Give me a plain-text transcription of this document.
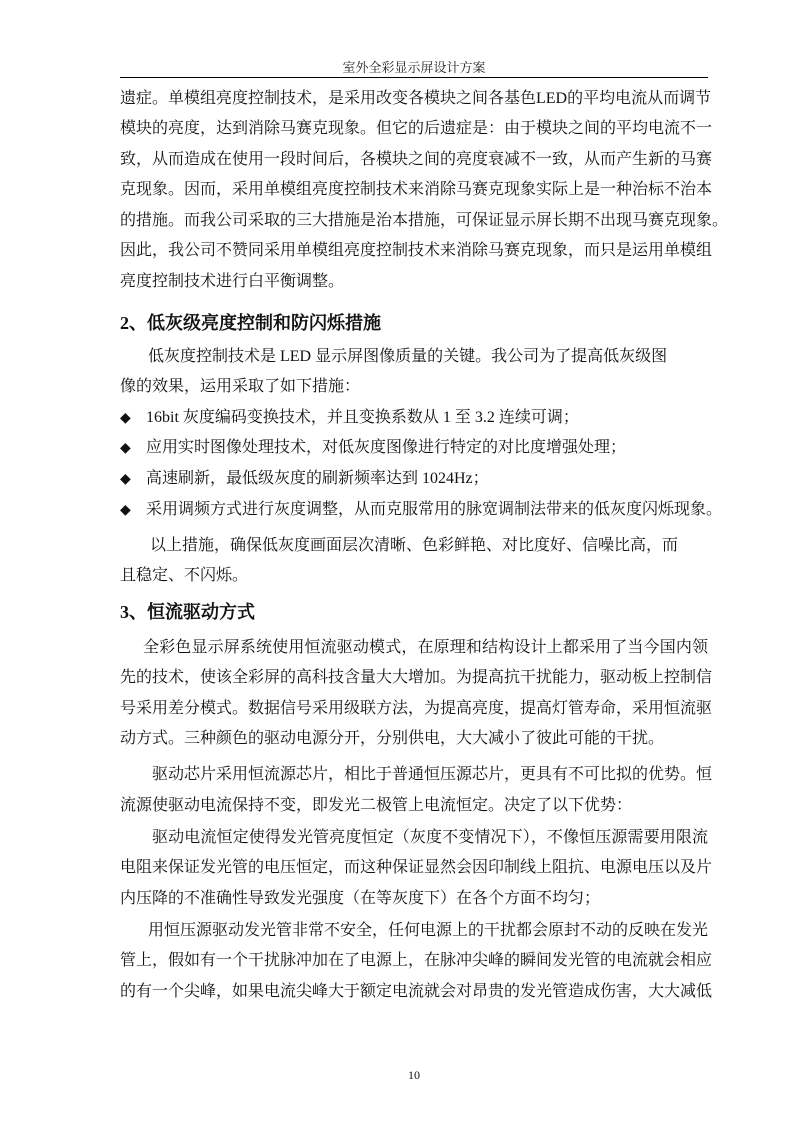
室外全彩显示屏设计方案
遗症。单模组亮度控制技术，是采用改变各模块之间各基色LED的平均电流从而调节
模块的亮度，达到消除马赛克现象。但它的后遗症是：由于模块之间的平均电流不一
致，从而造成在使用一段时间后，各模块之间的亮度衰减不一致，从而产生新的马赛
克现象。因而，采用单模组亮度控制技术来消除马赛克现象实际上是一种治标不治本
的措施。而我公司采取的三大措施是治本措施，可保证显示屏长期不出现马赛克现象。
因此，我公司不赞同采用单模组亮度控制技术来消除马赛克现象，而只是运用单模组
亮度控制技术进行白平衡调整。
低灰度控制技术是 LED 显示屏图像质量的关键。我公司为了提高低灰级图
像的效果，运用采取了如下措施：
以上措施，确保低灰度画面层次清晰、色彩鲜艳、对比度好、信噪比高，而
且稳定、不闪烁。
全彩色显示屏系统使用恒流驱动模式，在原理和结构设计上都采用了当今国内领
先的技术，使该全彩屏的高科技含量大大增加。为提高抗干扰能力，驱动板上控制信
号采用差分模式。数据信号采用级联方法，为提高亮度，提高灯管寿命，采用恒流驱
动方式。三种颜色的驱动电源分开，分别供电，大大减小了彼此可能的干扰。
驱动芯片采用恒流源芯片，相比于普通恒压源芯片，更具有不可比拟的优势。恒
流源使驱动电流保持不变，即发光二极管上电流恒定。决定了以下优势：
驱动电流恒定使得发光管亮度恒定（灰度不变情况下），不像恒压源需要用限流
电阻来保证发光管的电压恒定，而这种保证显然会因印制线上阻抗、电源电压以及片
内压降的不准确性导致发光强度（在等灰度下）在各个方面不均匀；
用恒压源驱动发光管非常不安全，任何电源上的干扰都会原封不动的反映在发光
管上，假如有一个干扰脉冲加在了电源上，在脉冲尖峰的瞬间发光管的电流就会相应
的有一个尖峰，如果电流尖峰大于额定电流就会对昂贵的发光管造成伤害，大大减低
2、低灰级亮度控制和防闪烁措施
3、恒流驱动方式
◆ 16bit 灰度编码变换技术，并且变换系数从 1 至 3.2 连续可调；
◆ 应用实时图像处理技术，对低灰度图像进行特定的对比度增强处理；
◆ 高速刷新，最低级灰度的刷新频率达到 1024Hz；
◆ 采用调频方式进行灰度调整，从而克服常用的脉宽调制法带来的低灰度闪烁现象。
10
